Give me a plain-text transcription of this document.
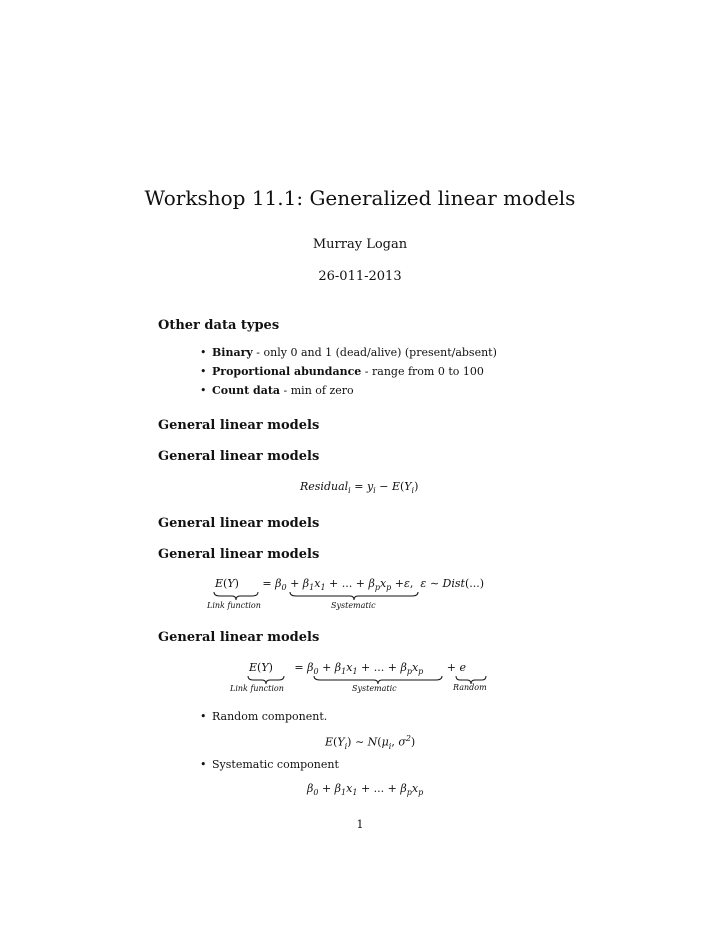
Workshop 11.1: Generalized linear models
Murray Logan
26-011-2013
Other data types
• Binary - only 0 and 1 (dead/alive) (present/absent)
• Proportional abundance - range from 0 to 100
• Count data - min of zero
General linear models
General linear models
Residual$_i$ = $y_i - E(Y_i)$
General linear models
General linear models
$E(Y) = \beta_0 + \beta_1x_1$ + ... + $\beta_px_p +\varepsilon$,  ε ∼ Dist(...)
Link function	Systematic
General linear models
$E(Y) = \beta_0 + \beta_1x_1$ + ... + $\beta_px_p + e$
Link function	Systematic	Random
• Random component.
$E(Y_i)$ ∼ $N(\mu_i$, $\sigma^2$)
• Systematic component
$\beta_0 + \beta_1x_1$ + ... + $\beta_px_p$
1
